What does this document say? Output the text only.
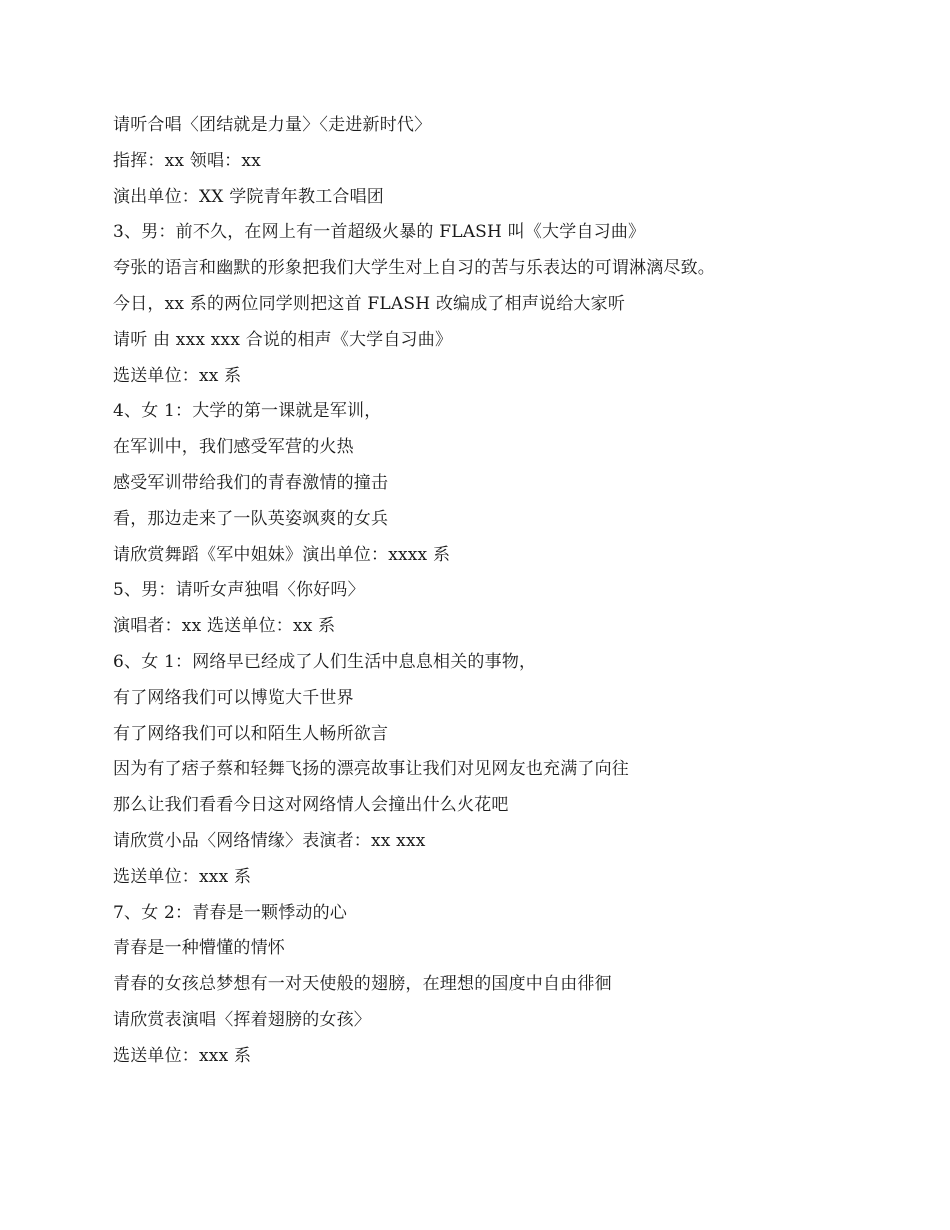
请听合唱〈团结就是力量〉〈走进新时代〉
指挥：xx 领唱：xx
演出单位：XX 学院青年教工合唱团
3、男：前不久，在网上有一首超级火暴的 FLASH 叫《大学自习曲》
夸张的语言和幽默的形象把我们大学生对上自习的苦与乐表达的可谓淋漓尽致。
今日，xx 系的两位同学则把这首 FLASH 改编成了相声说给大家听
请听 由 xxx xxx 合说的相声《大学自习曲》
选送单位：xx 系
4、女 1：大学的第一课就是军训，
在军训中，我们感受军营的火热
感受军训带给我们的青春激情的撞击
看，那边走来了一队英姿飒爽的女兵
请欣赏舞蹈《军中姐妹》演出单位：xxxx 系
5、男：请听女声独唱〈你好吗〉
演唱者：xx 选送单位：xx 系
6、女 1：网络早已经成了人们生活中息息相关的事物，
有了网络我们可以博览大千世界
有了网络我们可以和陌生人畅所欲言
因为有了痞子蔡和轻舞飞扬的漂亮故事让我们对见网友也充满了向往
那么让我们看看今日这对网络情人会撞出什么火花吧
请欣赏小品〈网络情缘〉表演者：xx xxx
选送单位：xxx 系
7、女 2：青春是一颗悸动的心
青春是一种懵懂的情怀
青春的女孩总梦想有一对天使般的翅膀，在理想的国度中自由徘徊
请欣赏表演唱〈挥着翅膀的女孩〉
选送单位：xxx 系
